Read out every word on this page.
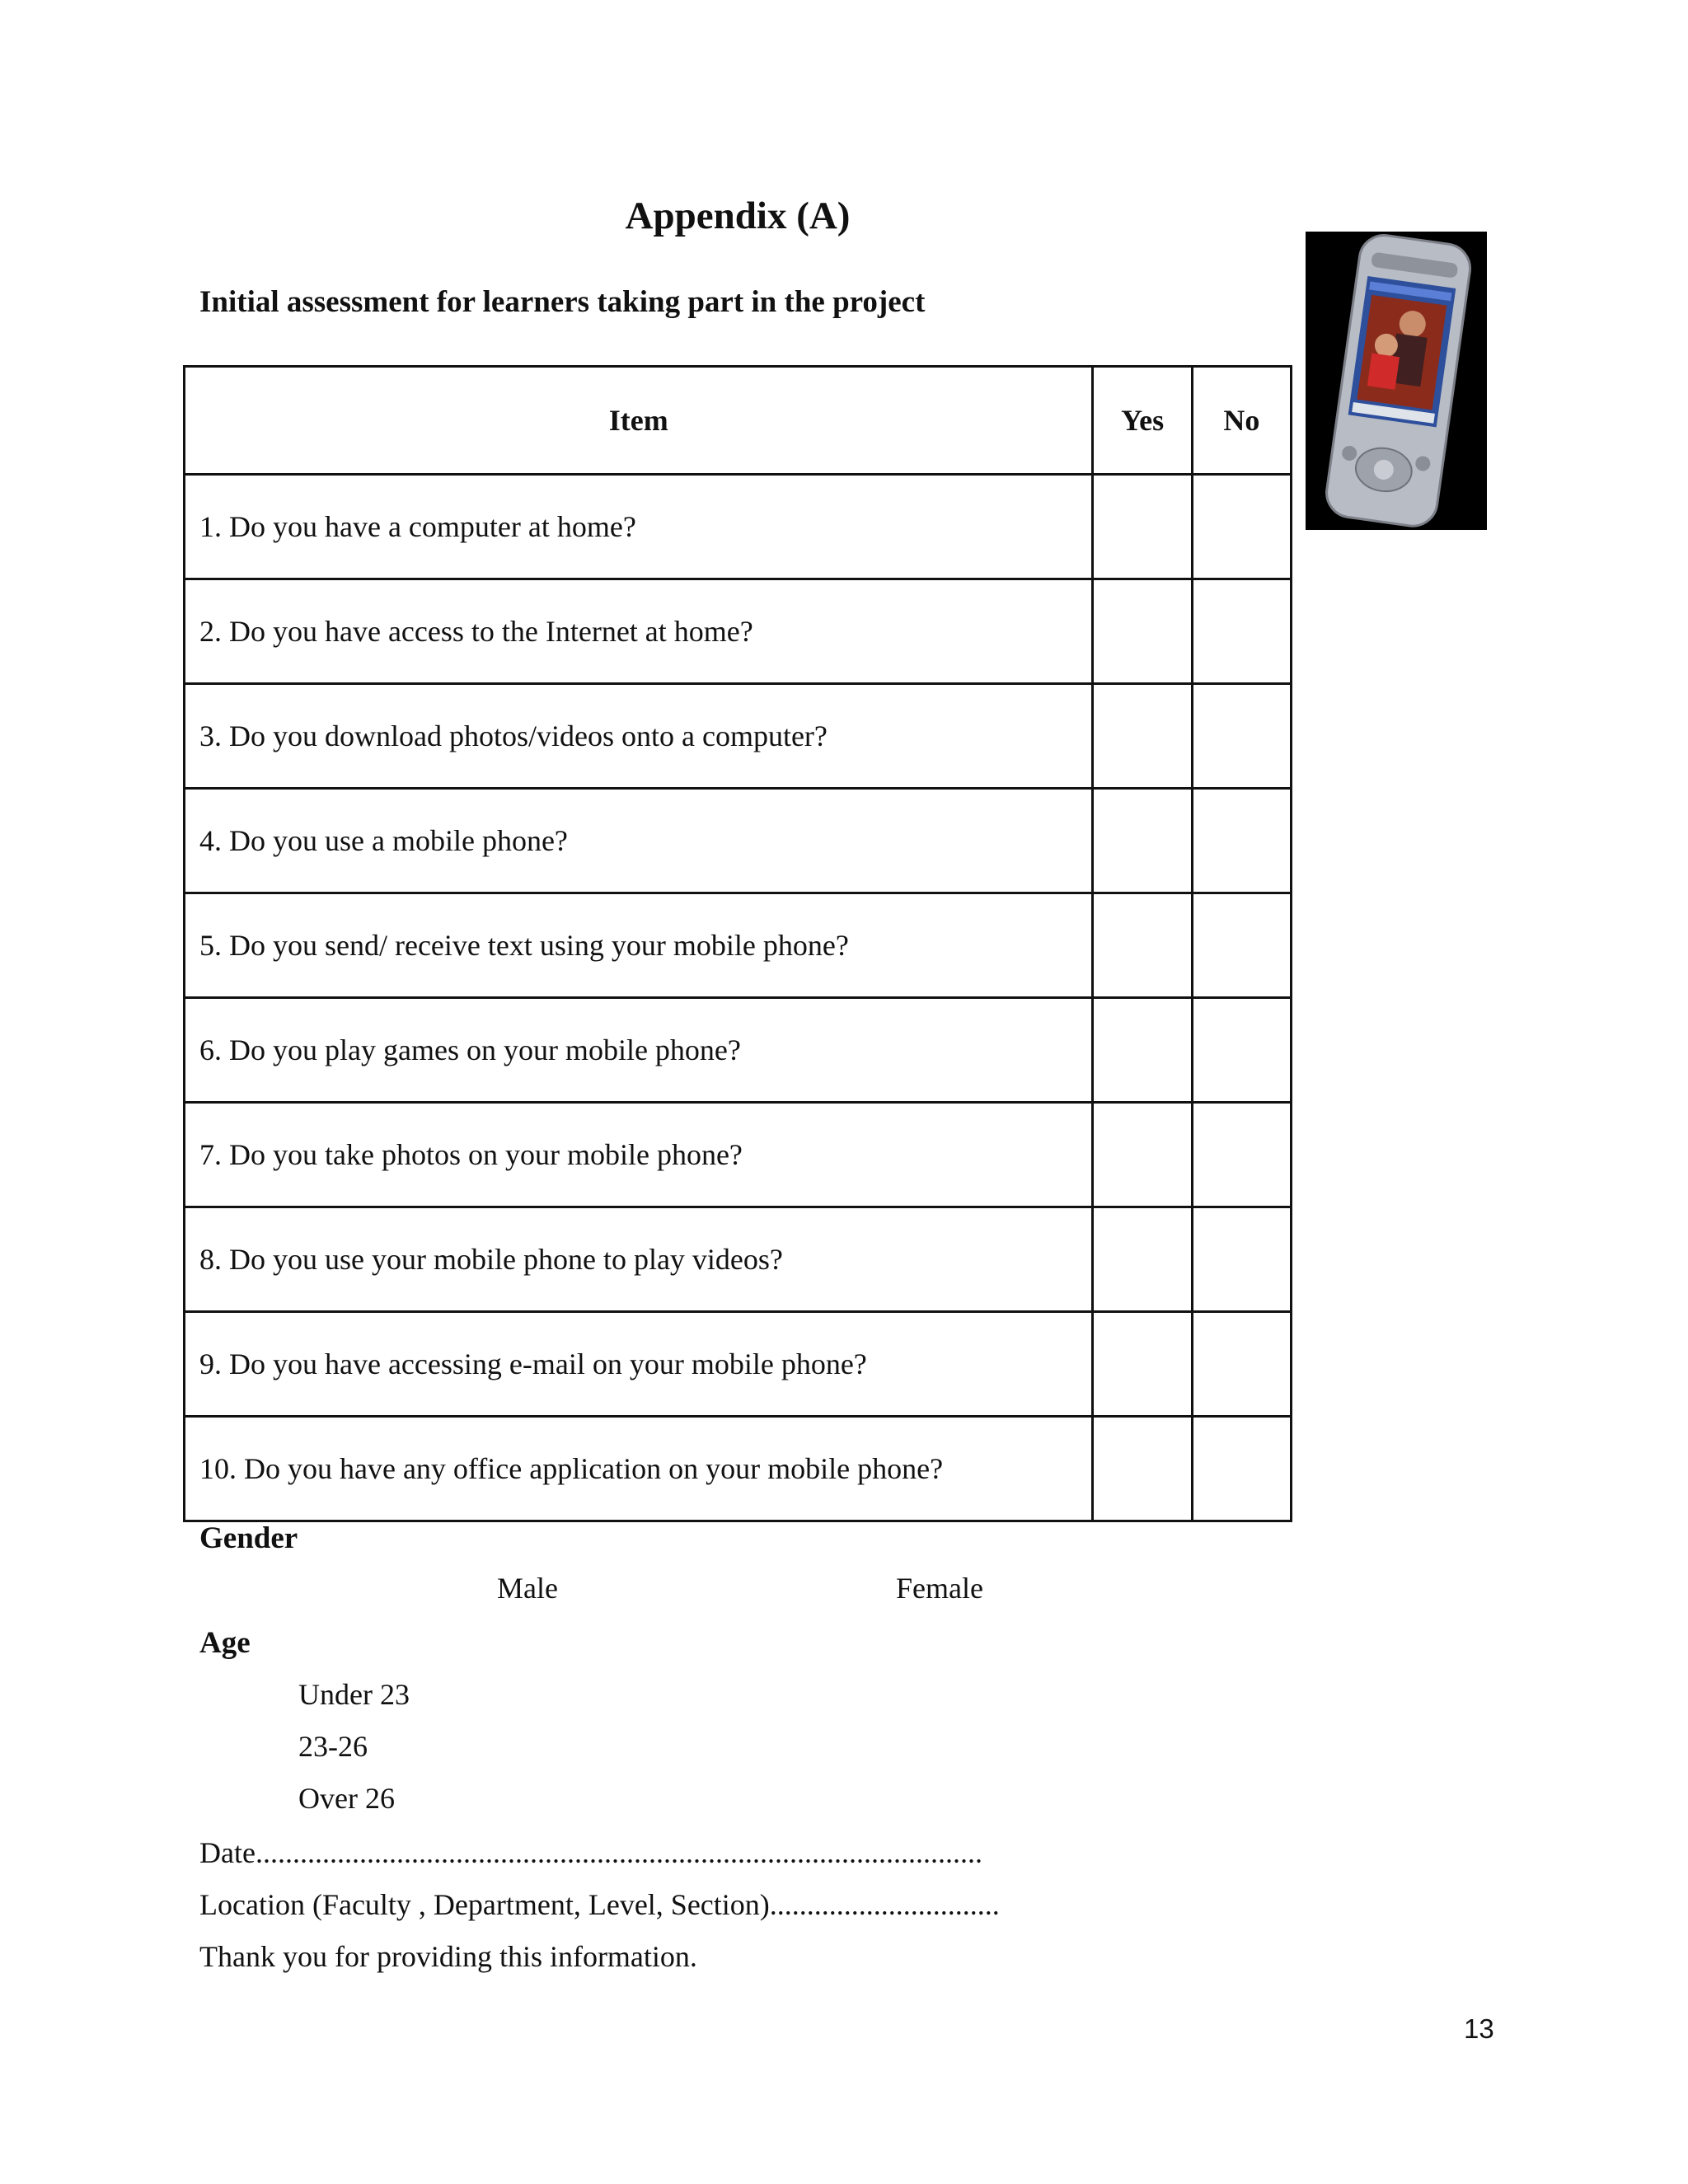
Appendix (A)
Initial assessment for learners taking part in the project
Item	Yes	No
1. Do you have a computer at home?		
2. Do you have access to the Internet at home?		
3. Do you download photos/videos onto a computer?		
4. Do you use a mobile phone?		
5. Do you send/ receive text using your mobile phone?		
6. Do you play games on your mobile phone?		
7. Do you take photos on your mobile phone?		
8. Do you use your mobile phone to play videos?		
9. Do you have accessing e-mail on your mobile phone?		
10. Do you have any office application on your mobile phone?		
Gender
Male	Female
Age
Under 23
23-26
Over 26
Date..................................................................................................
Location (Faculty , Department, Level, Section)...............................
Thank you for providing this information.
13
